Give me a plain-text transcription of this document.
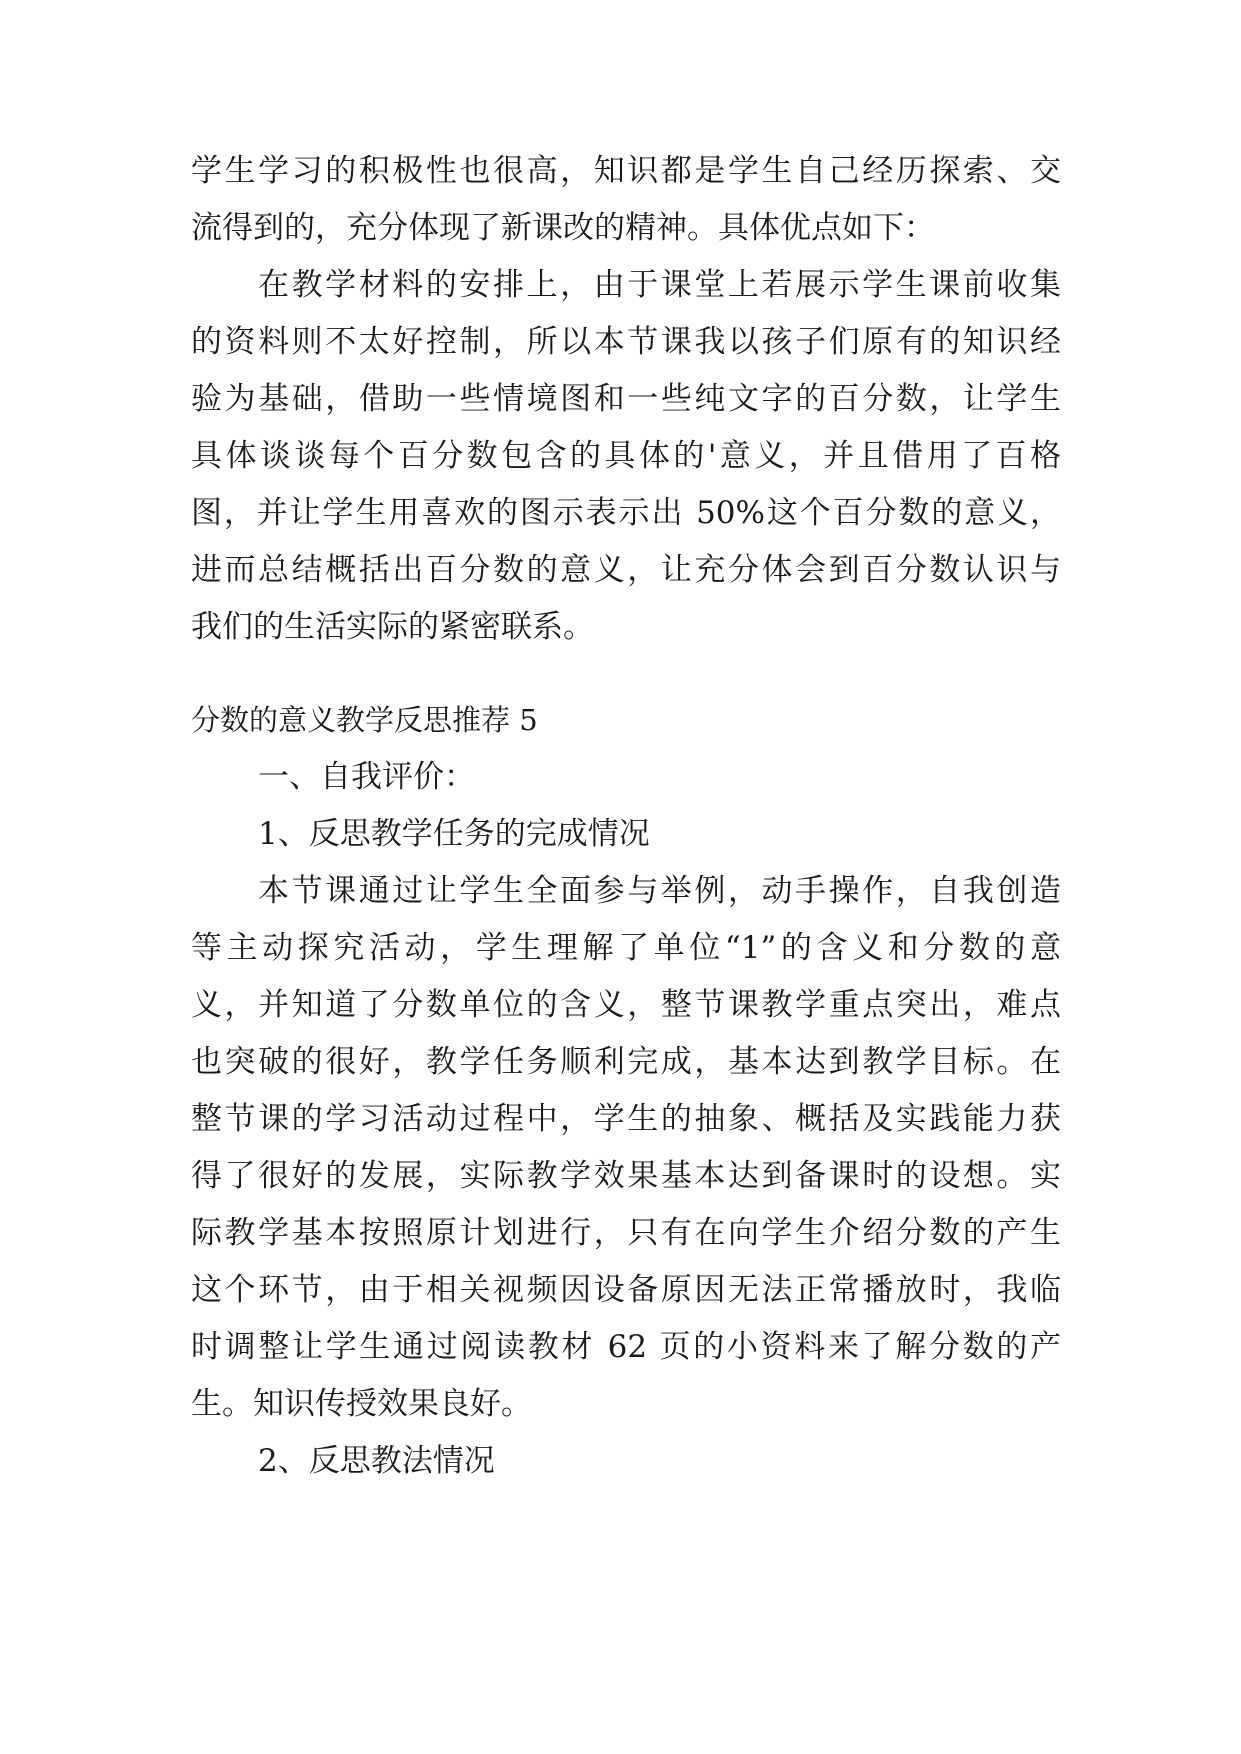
学生学习的积极性也很高，知识都是学生自己经历探索、交
流得到的，充分体现了新课改的精神。具体优点如下：
在教学材料的安排上，由于课堂上若展示学生课前收集
的资料则不太好控制，所以本节课我以孩子们原有的知识经
验为基础，借助一些情境图和一些纯文字的百分数，让学生
具体谈谈每个百分数包含的具体的'意义，并且借用了百格
图，并让学生用喜欢的图示表示出 50%这个百分数的意义，
进而总结概括出百分数的意义，让充分体会到百分数认识与
我们的生活实际的紧密联系。
分数的意义教学反思推荐 5
一、自我评价：
1、反思教学任务的完成情况
本节课通过让学生全面参与举例，动手操作，自我创造
等主动探究活动，学生理解了单位“1”的含义和分数的意
义，并知道了分数单位的含义，整节课教学重点突出，难点
也突破的很好，教学任务顺利完成，基本达到教学目标。在
整节课的学习活动过程中，学生的抽象、概括及实践能力获
得了很好的发展，实际教学效果基本达到备课时的设想。实
际教学基本按照原计划进行，只有在向学生介绍分数的产生
这个环节，由于相关视频因设备原因无法正常播放时，我临
时调整让学生通过阅读教材 62 页的小资料来了解分数的产
生。知识传授效果良好。
2、反思教法情况
